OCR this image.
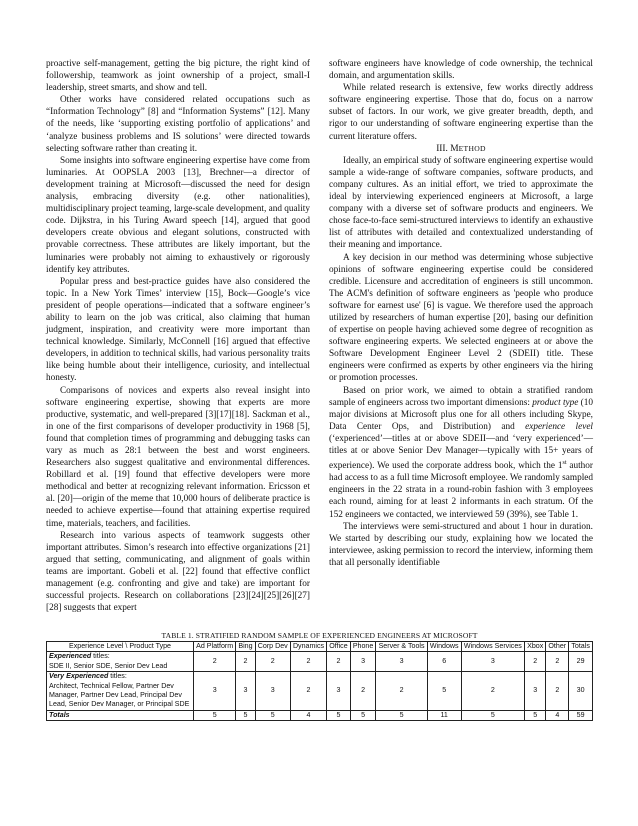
proactive self-management, getting the big picture, the right kind of followership, teamwork as joint ownership of a project, small-I leadership, street smarts, and show and tell.

Other works have considered related occupations such as “Information Technology” [8] and “Information Systems” [12]. Many of the needs, like ‘supporting existing portfolio of applications’ and ‘analyze business problems and IS solutions’ were directed towards selecting software rather than creating it.

Some insights into software engineering expertise have come from luminaries. At OOPSLA 2003 [13], Brechner—a director of development training at Microsoft—discussed the need for design analysis, embracing diversity (e.g. other nationalities), multidisciplinary project teaming, large-scale development, and quality code. Dijkstra, in his Turing Award speech [14], argued that good developers create obvious and elegant solutions, constructed with provable correctness. These attributes are likely important, but the luminaries were probably not aiming to exhaustively or rigorously identify key attributes.

Popular press and best-practice guides have also considered the topic. In a New York Times’ interview [15], Bock—Google’s vice president of people operations—indicated that a software engineer’s ability to learn on the job was critical, also claiming that human judgment, inspiration, and creativity were more important than technical knowledge. Similarly, McConnell [16] argued that effective developers, in addition to technical skills, had various personality traits like being humble about their intelligence, curiosity, and intellectual honesty.

Comparisons of novices and experts also reveal insight into software engineering expertise, showing that experts are more productive, systematic, and well-prepared [3][17][18]. Sackman et al., in one of the first comparisons of developer productivity in 1968 [5], found that completion times of programming and debugging tasks can vary as much as 28:1 between the best and worst engineers. Researchers also suggest qualitative and environmental differences. Robillard et al. [19] found that effective developers were more methodical and better at recognizing relevant information. Ericsson et al. [20]—origin of the meme that 10,000 hours of deliberate practice is needed to achieve expertise—found that attaining expertise required time, materials, teachers, and facilities.

Research into various aspects of teamwork suggests other important attributes. Simon’s research into effective organizations [21] argued that setting, communicating, and alignment of goals within teams are important. Gobeli et al. [22] found that effective conflict management (e.g. confronting and give and take) are important for successful projects. Research on collaborations [23][24][25][26][27][28] suggests that expert

software engineers have knowledge of code ownership, the technical domain, and argumentation skills.

While related research is extensive, few works directly address software engineering expertise. Those that do, focus on a narrow subset of factors. In our work, we give greater breadth, depth, and rigor to our understanding of software engineering expertise than the current literature offers.

III. METHOD

Ideally, an empirical study of software engineering expertise would sample a wide-range of software companies, software products, and company cultures. As an initial effort, we tried to approximate the ideal by interviewing experienced engineers at Microsoft, a large company with a diverse set of software products and engineers. We chose face-to-face semi-structured interviews to identify an exhaustive list of attributes with detailed and contextualized understanding of their meaning and importance.

A key decision in our method was determining whose subjective opinions of software engineering expertise could be considered credible. Licensure and accreditation of engineers is still uncommon. The ACM's definition of software engineers as 'people who produce software for earnest use' [6] is vague. We therefore used the approach utilized by researchers of human expertise [20], basing our definition of expertise on people having achieved some degree of recognition as software engineering experts. We selected engineers at or above the Software Development Engineer Level 2 (SDEII) title. These engineers were confirmed as experts by other engineers via the hiring or promotion processes.

Based on prior work, we aimed to obtain a stratified random sample of engineers across two important dimensions: product type (10 major divisions at Microsoft plus one for all others including Skype, Data Center Ops, and Distribution) and experience level (‘experienced’—titles at or above SDEII—and ‘very experienced’—titles at or above Senior Dev Manager—typically with 15+ years of experience). We used the corporate address book, which the 1st author had access to as a full time Microsoft employee. We randomly sampled engineers in the 22 strata in a round-robin fashion with 3 employees each round, aiming for at least 2 informants in each stratum. Of the 152 engineers we contacted, we interviewed 59 (39%), see Table 1.

The interviews were semi-structured and about 1 hour in duration. We started by describing our study, explaining how we located the interviewee, asking permission to record the interview, informing them that all personally identifiable

TABLE 1. STRATIFIED RANDOM SAMPLE OF EXPERIENCED ENGINEERS AT MICROSOFT
Experience Level \ Product Type	Ad Platform	Bing	Corp Dev	Dynamics	Office	Phone	Server & Tools	Windows	Windows Services	Xbox	Other	Totals
Experienced titles:
SDE II, Senior SDE, Senior Dev Lead	2	2	2	2	2	3	3	6	3	2	2	29
Very Experienced titles:
Architect, Technical Fellow, Partner Dev Manager, Partner Dev Lead, Principal Dev Lead, Senior Dev Manager, or Principal SDE	3	3	3	2	3	2	2	5	2	3	2	30
Totals	5	5	5	4	5	5	5	11	5	5	4	59
